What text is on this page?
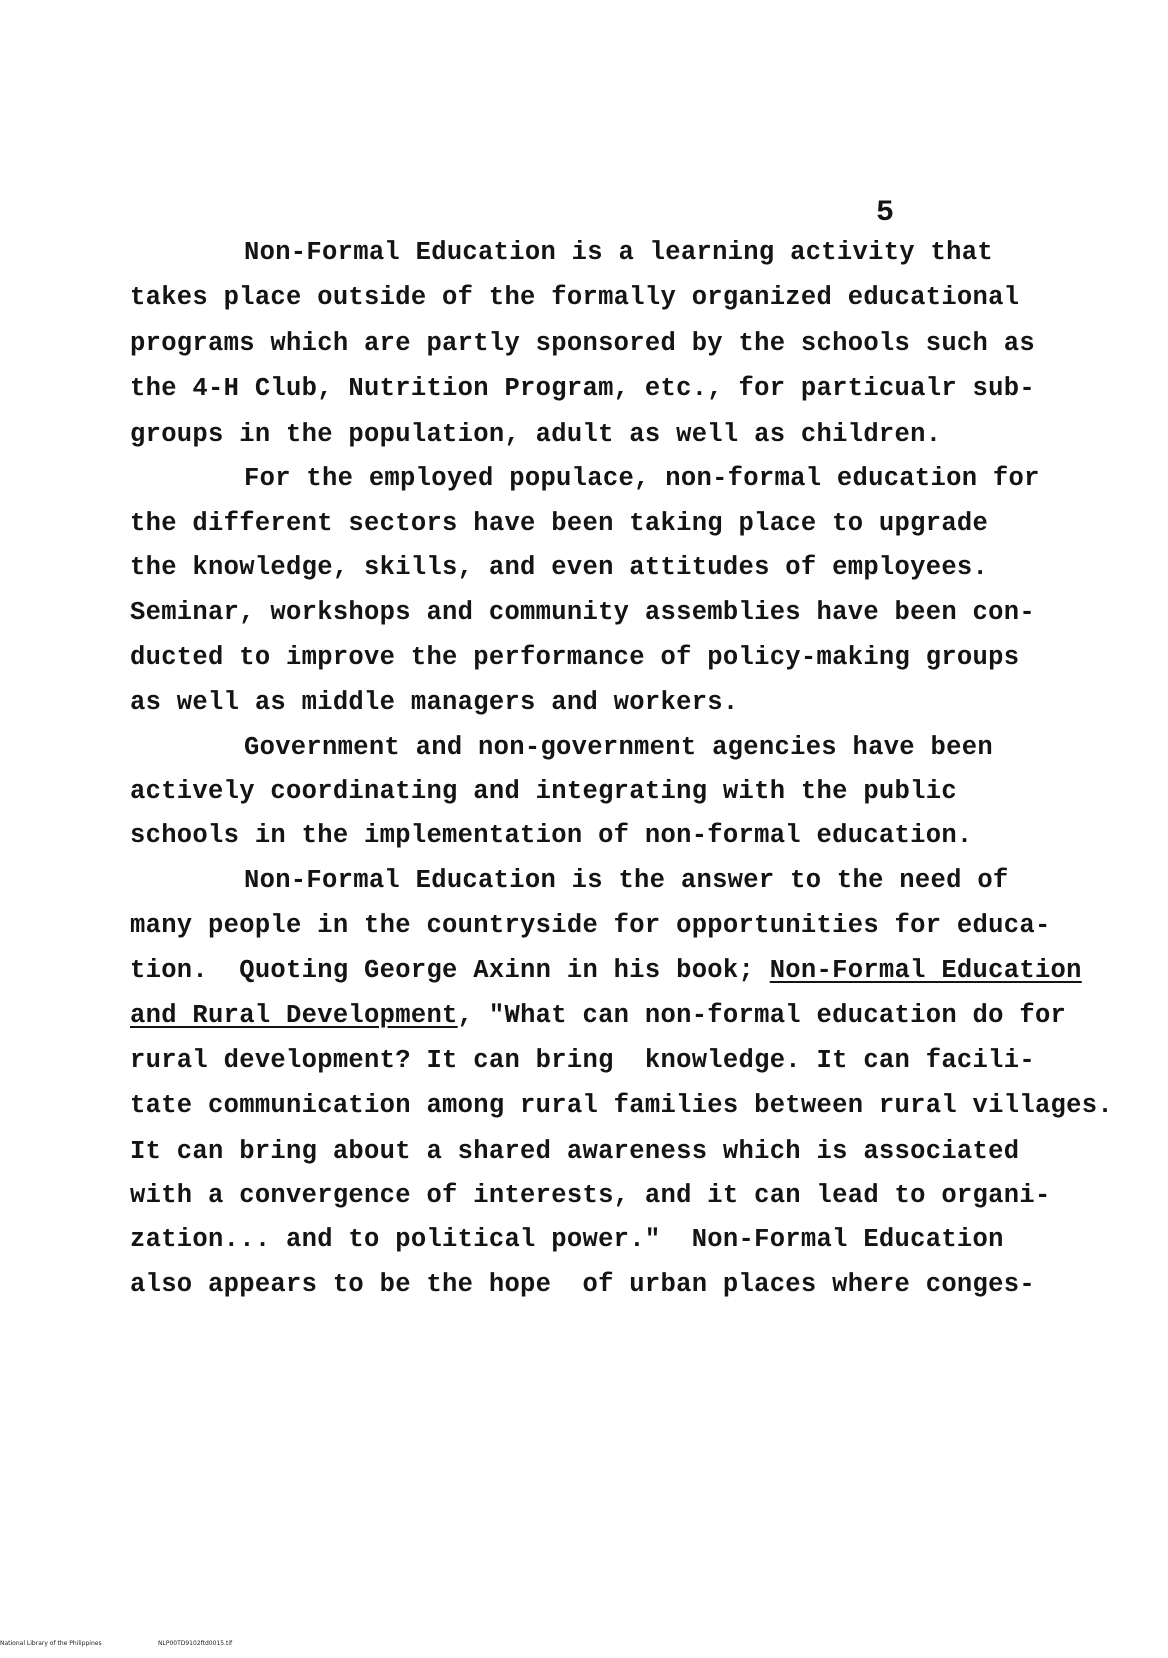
5
Non-Formal Education is a learning activity that
takes place outside of the formally organized educational
programs which are partly sponsored by the schools such as
the 4-H Club, Nutrition Program, etc., for particualr sub-
groups in the population, adult as well as children.
For the employed populace, non-formal education for
the different sectors have been taking place to upgrade
the knowledge, skills, and even attitudes of employees.
Seminar, workshops and community assemblies have been con-
ducted to improve the performance of policy-making groups
as well as middle managers and workers.
Government and non-government agencies have been
actively coordinating and integrating with the public
schools in the implementation of non-formal education.
Non-Formal Education is the answer to the need of
many people in the countryside for opportunities for educa-
tion.  Quoting George Axinn in his book; Non-Formal Education
and Rural Development, "What can non-formal education do for
rural development? It can bring  knowledge. It can facili-
tate communication among rural families between rural villages.
It can bring about a shared awareness which is associated
with a convergence of interests, and it can lead to organi-
zation... and to political power."  Non-Formal Education
also appears to be the hope  of urban places where conges-
National Library of the Philippines	NLP00TD9102ftd0015.tif
